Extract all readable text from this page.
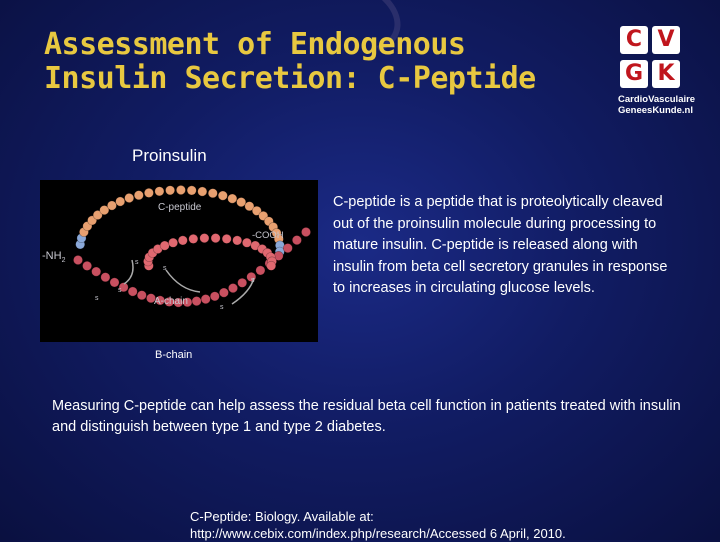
Assessment of Endogenous
Insulin Secretion: C-Peptide
C V
G K
CardioVasculaire
GeneesKunde.nl
Proinsulin
C-peptide
-COOH
$-NH_2$
A-chain
s
s
s
s
s
s
B-chain
C-peptide is a peptide that is proteolytically cleaved out of the proinsulin molecule during processing to mature insulin. C-peptide is released along with insulin from beta cell secretory granules in response to increases in circulating glucose levels.
Measuring C-peptide can help assess the residual beta cell function in patients treated with insulin and distinguish between type 1 and type 2 diabetes.
C-Peptide: Biology. Available at:
http://www.cebix.com/index.php/research/Accessed 6 April, 2010.
